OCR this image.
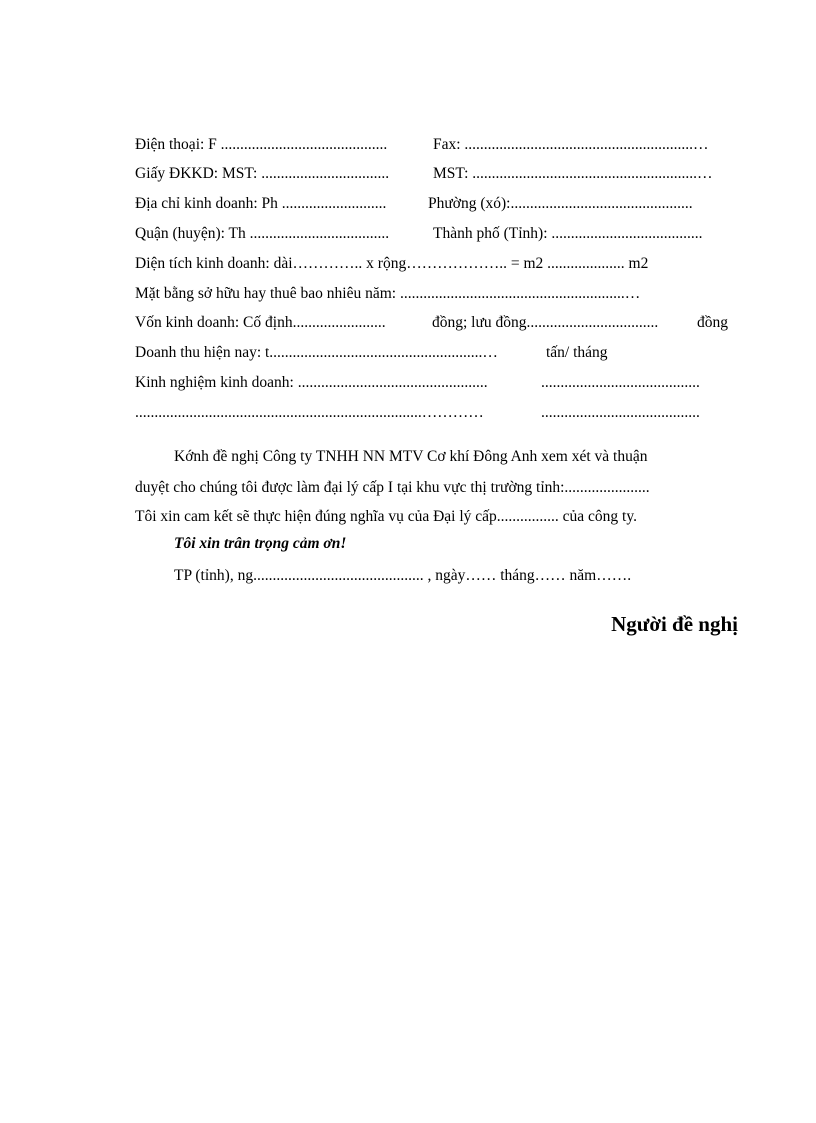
Điện thoại: F ...........................................	Fax: ...........................................................…
Giấy ĐKKD: MST: .................................	MST: ..........................................................…
Địa chỉ kinh doanh: Ph ...........................	Phường (xó):...............................................
Quận (huyện): Th ....................................	Thành phố (Tỉnh): .......................................
Diện tích kinh doanh: dài………….. x rộng……………….. = m2 .................... m2
Mặt bằng sở hữu hay thuê bao nhiêu năm: ..........................................................…
Vốn kinh doanh: Cố định........................	đồng; lưu đồng.................................. đồng
Doanh thu hiện nay: t.......................................................…	tấn/ tháng
Kinh nghiệm kinh doanh: .................................................	.........................................
..........................................................................…………	.........................................
Kớnh đề nghị Công ty TNHH NN MTV Cơ khí Đông Anh xem xét và thuận
duyệt cho chúng tôi được làm đại lý cấp I tại khu vực thị trường tỉnh:......................
Tôi xin cam kết sẽ thực hiện đúng nghĩa vụ của Đại lý cấp................ của công ty.
Tôi xin trân trọng cảm ơn!
TP (tỉnh), ng............................................ , ngày…… tháng…… năm…….
Người đề nghị
